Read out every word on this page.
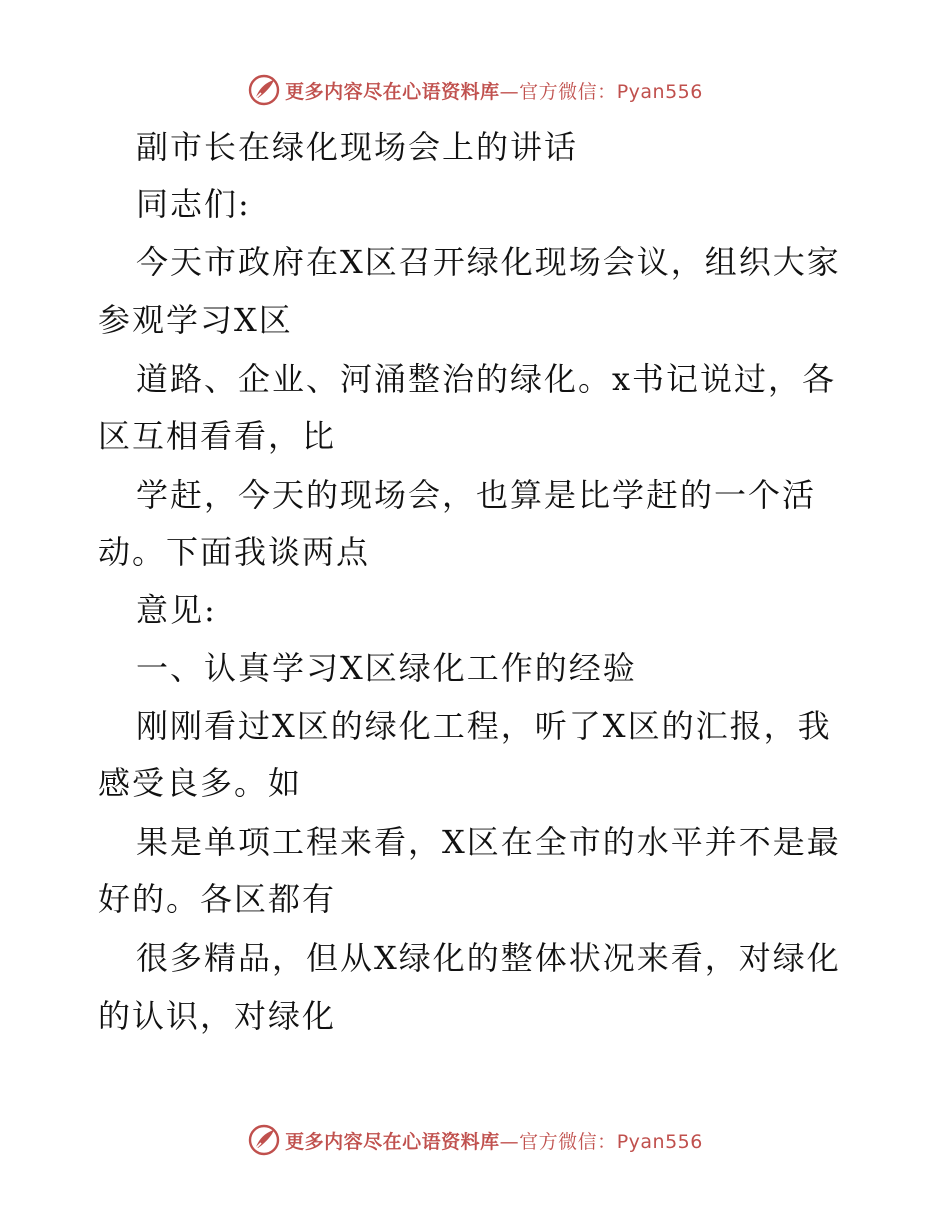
更多内容尽在心语资料库—官方微信：Pyan556
副市长在绿化现场会上的讲话
同志们:
今天市政府在X区召开绿化现场会议，组织大家
参观学习X区
道路、企业、河涌整治的绿化。x书记说过，各
区互相看看，比
学赶，今天的现场会，也算是比学赶的一个活
动。下面我谈两点
意见:
一、认真学习X区绿化工作的经验
刚刚看过X区的绿化工程，听了X区的汇报，我
感受良多。如
果是单项工程来看，X区在全市的水平并不是最
好的。各区都有
很多精品，但从X绿化的整体状况来看，对绿化
的认识，对绿化
更多内容尽在心语资料库—官方微信：Pyan556
